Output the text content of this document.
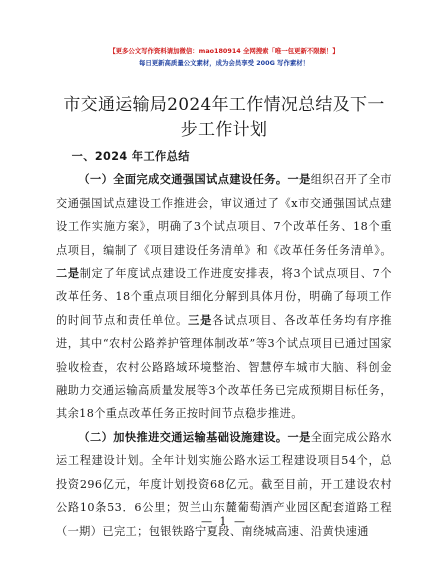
【更多公文写作资料请加微信：mao180914 全网搜索「唯一包更新不限额！】
每日更新高质量公文素材，成为会员享受 200G 写作素材！
市交通运输局2024年工作情况总结及下一步工作计划

一、2024 年工作总结

（一）全面完成交通强国试点建设任务。一是组织召开了全市交通强国试点建设工作推进会，审议通过了《x市交通强国试点建设工作实施方案》，明确了3个试点项目、7个改革任务、18个重点项目，编制了《项目建设任务清单》和《改革任务任务清单》。二是制定了年度试点建设工作进度安排表，将3个试点项目、7个改革任务、18个重点项目细化分解到具体月份，明确了每项工作的时间节点和责任单位。三是各试点项目、各改革任务均有序推进，其中“农村公路养护管理体制改革”等3个试点项目已通过国家验收检查，农村公路路域环境整治、智慧停车城市大脑、科创金融助力交通运输高质量发展等3个改革任务已完成预期目标任务，其余18个重点改革任务正按时间节点稳步推进。

（二）加快推进交通运输基础设施建设。一是全面完成公路水运工程建设计划。全年计划实施公路水运工程建设项目54个，总投资296亿元，年度计划投资68亿元。截至目前，开工建设农村公路10条53．6公里；贺兰山东麓葡萄酒产业园区配套道路工程（一期）已完工；包银铁路宁夏段、南绕城高速、沿黄快速通

— 1 —
